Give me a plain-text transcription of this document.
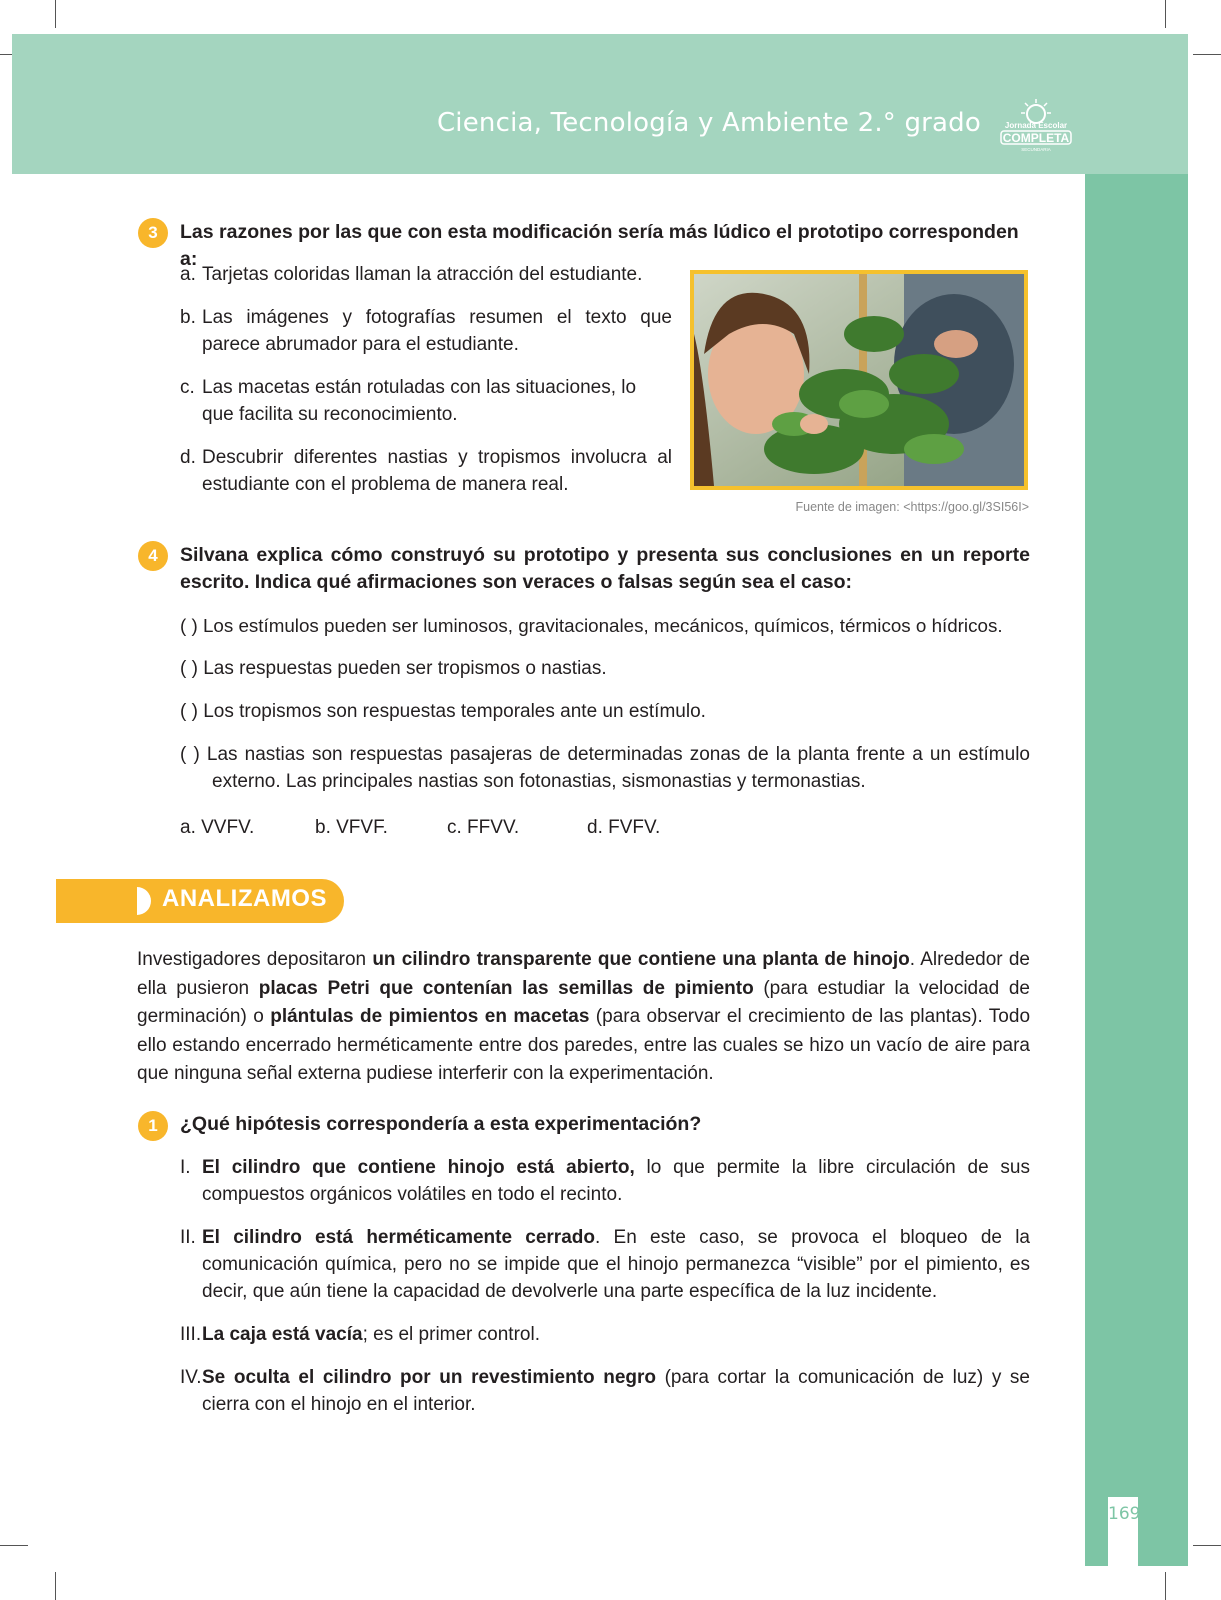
Ciencia, Tecnología y Ambiente 2.° grado	Jornada Escolar
COMPLETA
SECUNDARIA
169
3	Las razones por las que con esta modificación sería más lúdico el prototipo corresponden a:
a. Tarjetas coloridas llaman la atracción del estudiante.
b. Las imágenes y fotografías resumen el texto que parece abrumador para el estudiante.
c. Las macetas están rotuladas con las situaciones, lo que facilita su reconocimiento.
d. Descubrir diferentes nastias y tropismos involucra al estudiante con el problema de manera real.
Fuente de imagen: <https://goo.gl/3SI56I>
4	Silvana explica cómo construyó su prototipo y presenta sus conclusiones en un reporte escrito. Indica qué afirmaciones son veraces o falsas según sea el caso:
( ) Los estímulos pueden ser luminosos, gravitacionales, mecánicos, químicos, térmicos o hídricos.
( ) Las respuestas pueden ser tropismos o nastias.
( ) Los tropismos son respuestas temporales ante un estímulo.
( ) Las nastias son respuestas pasajeras de determinadas zonas de la planta frente a un estímulo externo. Las principales nastias son fotonastias, sismonastias y termonastias.
a. VVFV.	b. VFVF.	c. FFVV.	d. FVFV.
ANALIZAMOS
Investigadores depositaron un cilindro transparente que contiene una planta de hinojo. Alrededor de ella pusieron placas Petri que contenían las semillas de pimiento (para estudiar la velocidad de germinación) o plántulas de pimientos en macetas (para observar el crecimiento de las plantas). Todo ello estando encerrado herméticamente entre dos paredes, entre las cuales se hizo un vacío de aire para que ninguna señal externa pudiese interferir con la experimentación.
1	¿Qué hipótesis correspondería a esta experimentación?
I. El cilindro que contiene hinojo está abierto, lo que permite la libre circulación de sus compuestos orgánicos volátiles en todo el recinto.
II. El cilindro está herméticamente cerrado. En este caso, se provoca el bloqueo de la comunicación química, pero no se impide que el hinojo permanezca “visible” por el pimiento, es decir, que aún tiene la capacidad de devolverle una parte específica de la luz incidente.
III. La caja está vacía; es el primer control.
IV. Se oculta el cilindro por un revestimiento negro (para cortar la comunicación de luz) y se cierra con el hinojo en el interior.
